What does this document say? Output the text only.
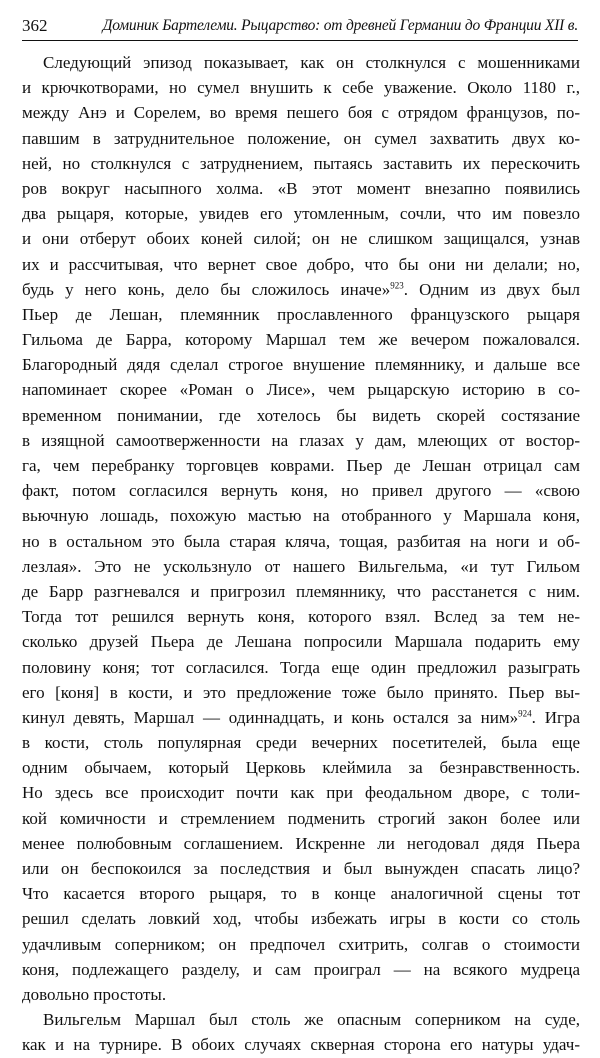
362	Доминик Бартелеми. Рыцарство: от древней Германии до Франции XII в.
Следующий эпизод показывает, как он столкнулся с мошенниками
и крючкотворами, но сумел внушить к себе уважение. Около 1180 г.,
между Анэ и Сорелем, во время пешего боя с отрядом французов, по-
павшим в затруднительное положение, он сумел захватить двух ко-
ней, но столкнулся с затруднением, пытаясь заставить их перескочить
ров вокруг насыпного холма. «В этот момент внезапно появились
два рыцаря, которые, увидев его утомленным, сочли, что им повезло
и они отберут обоих коней силой; он не слишком защищался, узнав
их и рассчитывая, что вернет свое добро, что бы они ни делали; но,
будь у него конь, дело бы сложилось иначе»$^{923}$. Одним из двух был
Пьер де Лешан, племянник прославленного французского рыцаря
Гильома де Барра, которому Маршал тем же вечером пожаловался.
Благородный дядя сделал строгое внушение племяннику, и дальше все
напоминает скорее «Роман о Лисе», чем рыцарскую историю в со-
временном понимании, где хотелось бы видеть скорей состязание
в изящной самоотверженности на глазах у дам, млеющих от востор-
га, чем перебранку торговцев коврами. Пьер де Лешан отрицал сам
факт, потом согласился вернуть коня, но привел другого — «свою
вьючную лошадь, похожую мастью на отобранного у Маршала коня,
но в остальном это была старая кляча, тощая, разбитая на ноги и об-
лезлая». Это не ускользнуло от нашего Вильгельма, «и тут Гильом
де Барр разгневался и пригрозил племяннику, что расстанется с ним.
Тогда тот решился вернуть коня, которого взял. Вслед за тем не-
сколько друзей Пьера де Лешана попросили Маршала подарить ему
половину коня; тот согласился. Тогда еще один предложил разыграть
его [коня] в кости, и это предложение тоже было принято. Пьер вы-
кинул девять, Маршал — одиннадцать, и конь остался за ним»$^{924}$. Игра
в кости, столь популярная среди вечерних посетителей, была еще
одним обычаем, который Церковь клеймила за безнравственность.
Но здесь все происходит почти как при феодальном дворе, с толи-
кой комичности и стремлением подменить строгий закон более или
менее полюбовным соглашением. Искренне ли негодовал дядя Пьера
или он беспокоился за последствия и был вынужден спасать лицо?
Что касается второго рыцаря, то в конце аналогичной сцены тот
решил сделать ловкий ход, чтобы избежать игры в кости со столь
удачливым соперником; он предпочел схитрить, солгав о стоимости
коня, подлежащего разделу, и сам проиграл — на всякого мудреца
довольно простоты.
Вильгельм Маршал был столь же опасным соперником на суде,
как и на турнире. В обоих случаях скверная сторона его натуры удач-
